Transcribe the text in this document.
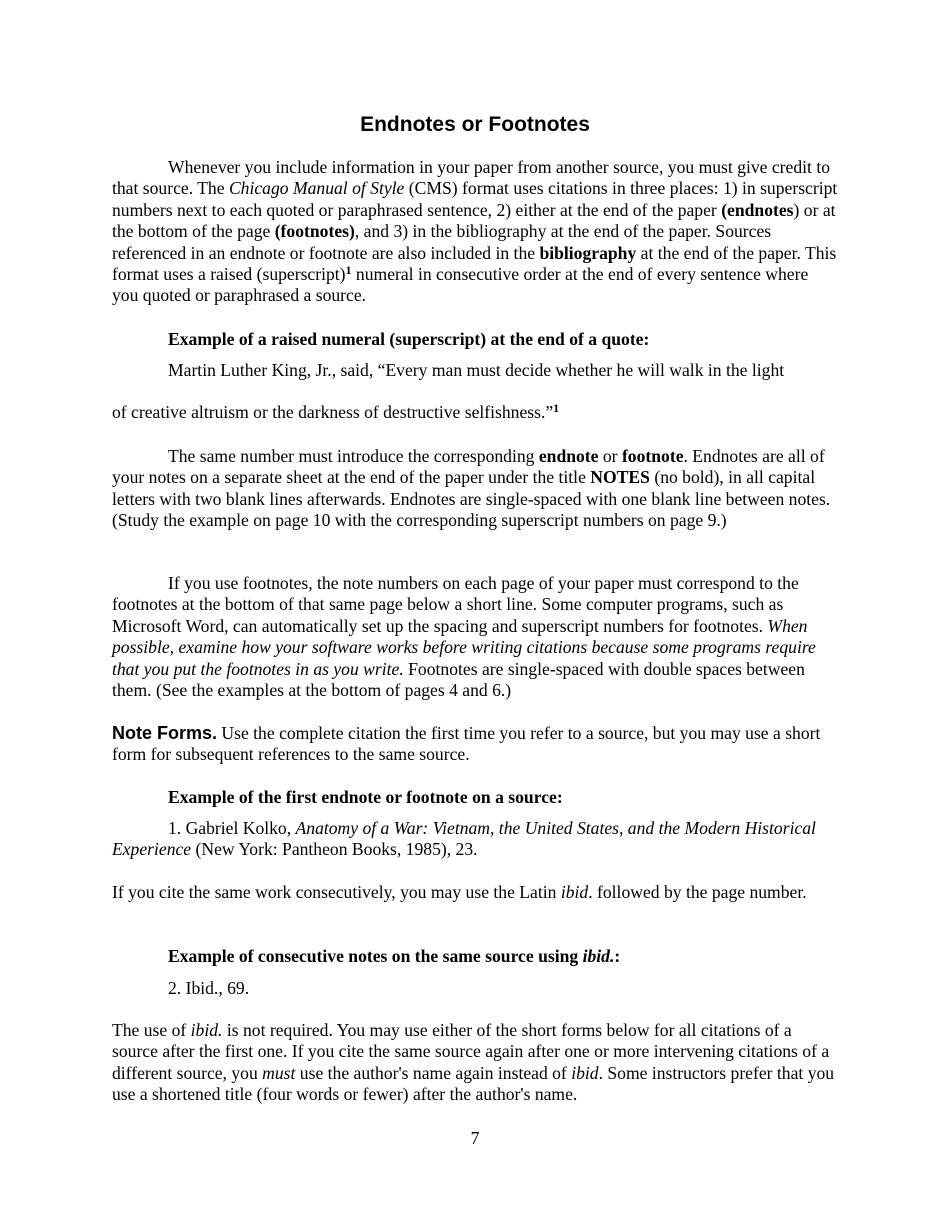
Endnotes or Footnotes

Whenever you include information in your paper from another source, you must give credit to that source. The Chicago Manual of Style (CMS) format uses citations in three places: 1) in superscript numbers next to each quoted or paraphrased sentence, 2) either at the end of the paper (endnotes) or at the bottom of the page (footnotes), and 3) in the bibliography at the end of the paper. Sources referenced in an endnote or footnote are also included in the bibliography at the end of the paper. This format uses a raised (superscript)$^1$ numeral in consecutive order at the end of every sentence where you quoted or paraphrased a source.

Example of a raised numeral (superscript) at the end of a quote:

Martin Luther King, Jr., said, “Every man must decide whether he will walk in the light

of creative altruism or the darkness of destructive selfishness.”$^1$

The same number must introduce the corresponding endnote or footnote. Endnotes are all of your notes on a separate sheet at the end of the paper under the title NOTES (no bold), in all capital letters with two blank lines afterwards. Endnotes are single-spaced with one blank line between notes. (Study the example on page 10 with the corresponding superscript numbers on page 9.)

If you use footnotes, the note numbers on each page of your paper must correspond to the footnotes at the bottom of that same page below a short line. Some computer programs, such as Microsoft Word, can automatically set up the spacing and superscript numbers for footnotes. When possible, examine how your software works before writing citations because some programs require that you put the footnotes in as you write. Footnotes are single-spaced with double spaces between them. (See the examples at the bottom of pages 4 and 6.)

Note Forms. Use the complete citation the first time you refer to a source, but you may use a short form for subsequent references to the same source.

Example of the first endnote or footnote on a source:

1. Gabriel Kolko, Anatomy of a War: Vietnam, the United States, and the Modern Historical Experience (New York: Pantheon Books, 1985), 23.

If you cite the same work consecutively, you may use the Latin ibid. followed by the page number.

Example of consecutive notes on the same source using ibid.:

2. Ibid., 69.

The use of ibid. is not required. You may use either of the short forms below for all citations of a source after the first one. If you cite the same source again after one or more intervening citations of a different source, you must use the author's name again instead of ibid. Some instructors prefer that you use a shortened title (four words or fewer) after the author's name.

7
